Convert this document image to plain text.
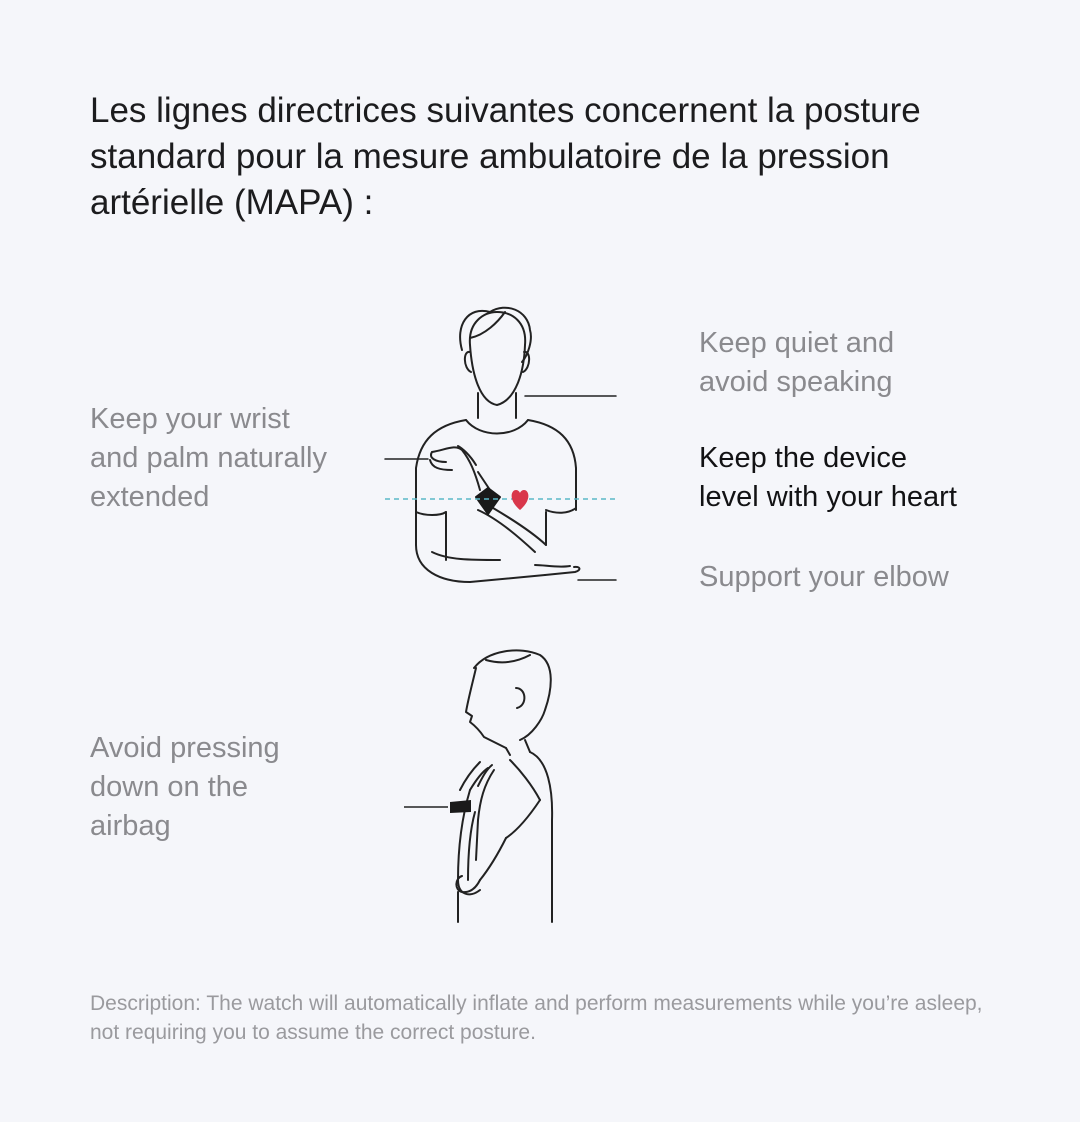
Les lignes directrices suivantes concernent la posture standard pour la mesure ambulatoire de la pression artérielle (MAPA) :

Keep your wrist
and palm naturally
extended

Keep quiet and
avoid speaking

Keep the device
level with your heart

Support your elbow

Avoid pressing
down on the
airbag

Description: The watch will automatically inflate and perform measurements while you’re asleep, not requiring you to assume the correct posture.
